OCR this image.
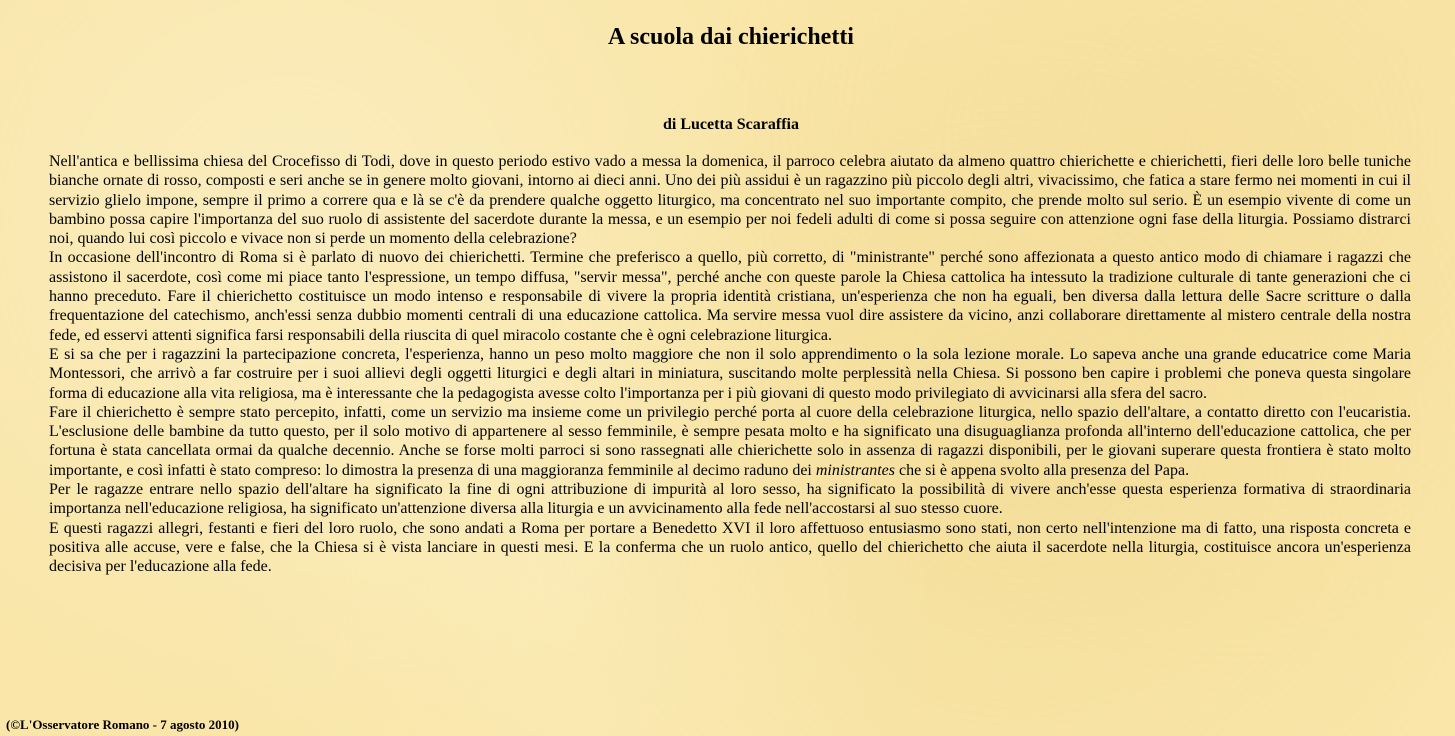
A scuola dai chierichetti
di Lucetta Scaraffia

Nell'antica e bellissima chiesa del Crocefisso di Todi, dove in questo periodo estivo vado a messa la domenica, il parroco celebra aiutato da almeno quattro chierichette e chierichetti, fieri delle loro belle tuniche bianche ornate di rosso, composti e seri anche se in genere molto giovani, intorno ai dieci anni. Uno dei più assidui è un ragazzino più piccolo degli altri, vivacissimo, che fatica a stare fermo nei momenti in cui il servizio glielo impone, sempre il primo a correre qua e là se c'è da prendere qualche oggetto liturgico, ma concentrato nel suo importante compito, che prende molto sul serio. È un esempio vivente di come un bambino possa capire l'importanza del suo ruolo di assistente del sacerdote durante la messa, e un esempio per noi fedeli adulti di come si possa seguire con attenzione ogni fase della liturgia. Possiamo distrarci noi, quando lui così piccolo e vivace non si perde un momento della celebrazione?

In occasione dell'incontro di Roma si è parlato di nuovo dei chierichetti. Termine che preferisco a quello, più corretto, di "ministrante" perché sono affezionata a questo antico modo di chiamare i ragazzi che assistono il sacerdote, così come mi piace tanto l'espressione, un tempo diffusa, "servir messa", perché anche con queste parole la Chiesa cattolica ha intessuto la tradizione culturale di tante generazioni che ci hanno preceduto. Fare il chierichetto costituisce un modo intenso e responsabile di vivere la propria identità cristiana, un'esperienza che non ha eguali, ben diversa dalla lettura delle Sacre scritture o dalla frequentazione del catechismo, anch'essi senza dubbio momenti centrali di una educazione cattolica. Ma servire messa vuol dire assistere da vicino, anzi collaborare direttamente al mistero centrale della nostra fede, ed esservi attenti significa farsi responsabili della riuscita di quel miracolo costante che è ogni celebrazione liturgica.

E si sa che per i ragazzini la partecipazione concreta, l'esperienza, hanno un peso molto maggiore che non il solo apprendimento o la sola lezione morale. Lo sapeva anche una grande educatrice come Maria Montessori, che arrivò a far costruire per i suoi allievi degli oggetti liturgici e degli altari in miniatura, suscitando molte perplessità nella Chiesa. Si possono ben capire i problemi che poneva questa singolare forma di educazione alla vita religiosa, ma è interessante che la pedagogista avesse colto l'importanza per i più giovani di questo modo privilegiato di avvicinarsi alla sfera del sacro.

Fare il chierichetto è sempre stato percepito, infatti, come un servizio ma insieme come un privilegio perché porta al cuore della celebrazione liturgica, nello spazio dell'altare, a contatto diretto con l'eucaristia. L'esclusione delle bambine da tutto questo, per il solo motivo di appartenere al sesso femminile, è sempre pesata molto e ha significato una disuguaglianza profonda all'interno dell'educazione cattolica, che per fortuna è stata cancellata ormai da qualche decennio. Anche se forse molti parroci si sono rassegnati alle chierichette solo in assenza di ragazzi disponibili, per le giovani superare questa frontiera è stato molto importante, e così infatti è stato compreso: lo dimostra la presenza di una maggioranza femminile al decimo raduno dei ministrantes che si è appena svolto alla presenza del Papa.

Per le ragazze entrare nello spazio dell'altare ha significato la fine di ogni attribuzione di impurità al loro sesso, ha significato la possibilità di vivere anch'esse questa esperienza formativa di straordinaria importanza nell'educazione religiosa, ha significato un'attenzione diversa alla liturgia e un avvicinamento alla fede nell'accostarsi al suo stesso cuore.

E questi ragazzi allegri, festanti e fieri del loro ruolo, che sono andati a Roma per portare a Benedetto XVI il loro affettuoso entusiasmo sono stati, non certo nell'intenzione ma di fatto, una risposta concreta e positiva alle accuse, vere e false, che la Chiesa si è vista lanciare in questi mesi. E la conferma che un ruolo antico, quello del chierichetto che aiuta il sacerdote nella liturgia, costituisce ancora un'esperienza decisiva per l'educazione alla fede.

(©L'Osservatore Romano - 7 agosto 2010)
